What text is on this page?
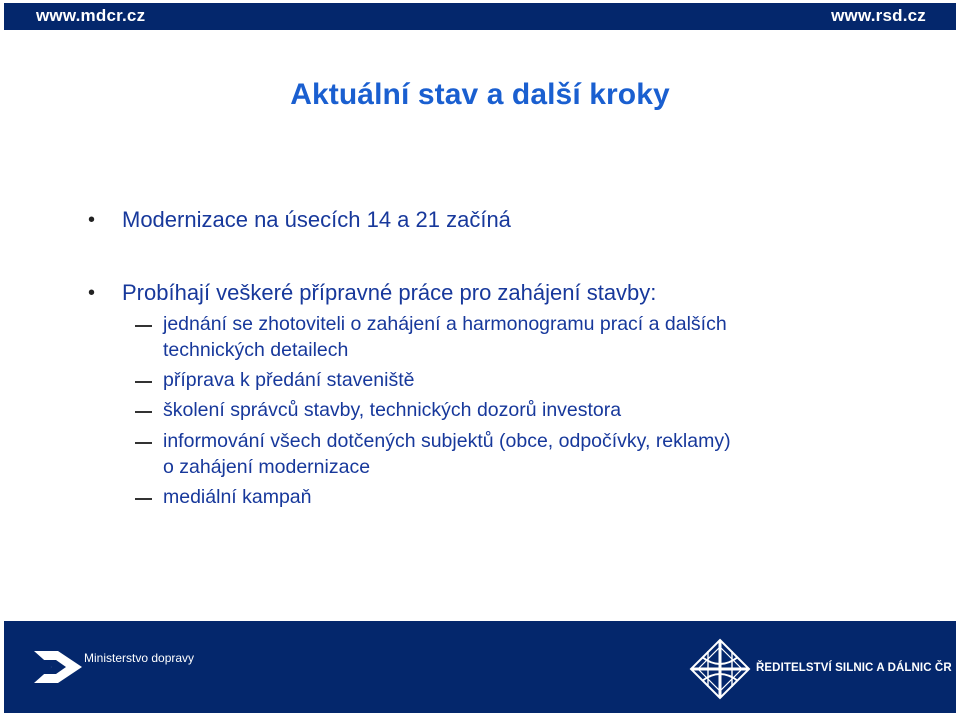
www.mdcr.cz	www.rsd.cz
Aktuální stav a další kroky
• Modernizace na úsecích 14 a 21 začíná
• Probíhají veškeré přípravné práce pro zahájení stavby:
jednání se zhotoviteli o zahájení a harmonogramu prací a dalších
technických detailech
příprava k předání staveniště
školení správců stavby, technických dozorů investora
informování všech dotčených subjektů (obce, odpočívky, reklamy)
o zahájení modernizace
mediální kampaň
Ministerstvo dopravy
ŘEDITELSTVÍ SILNIC A DÁLNIC ČR
